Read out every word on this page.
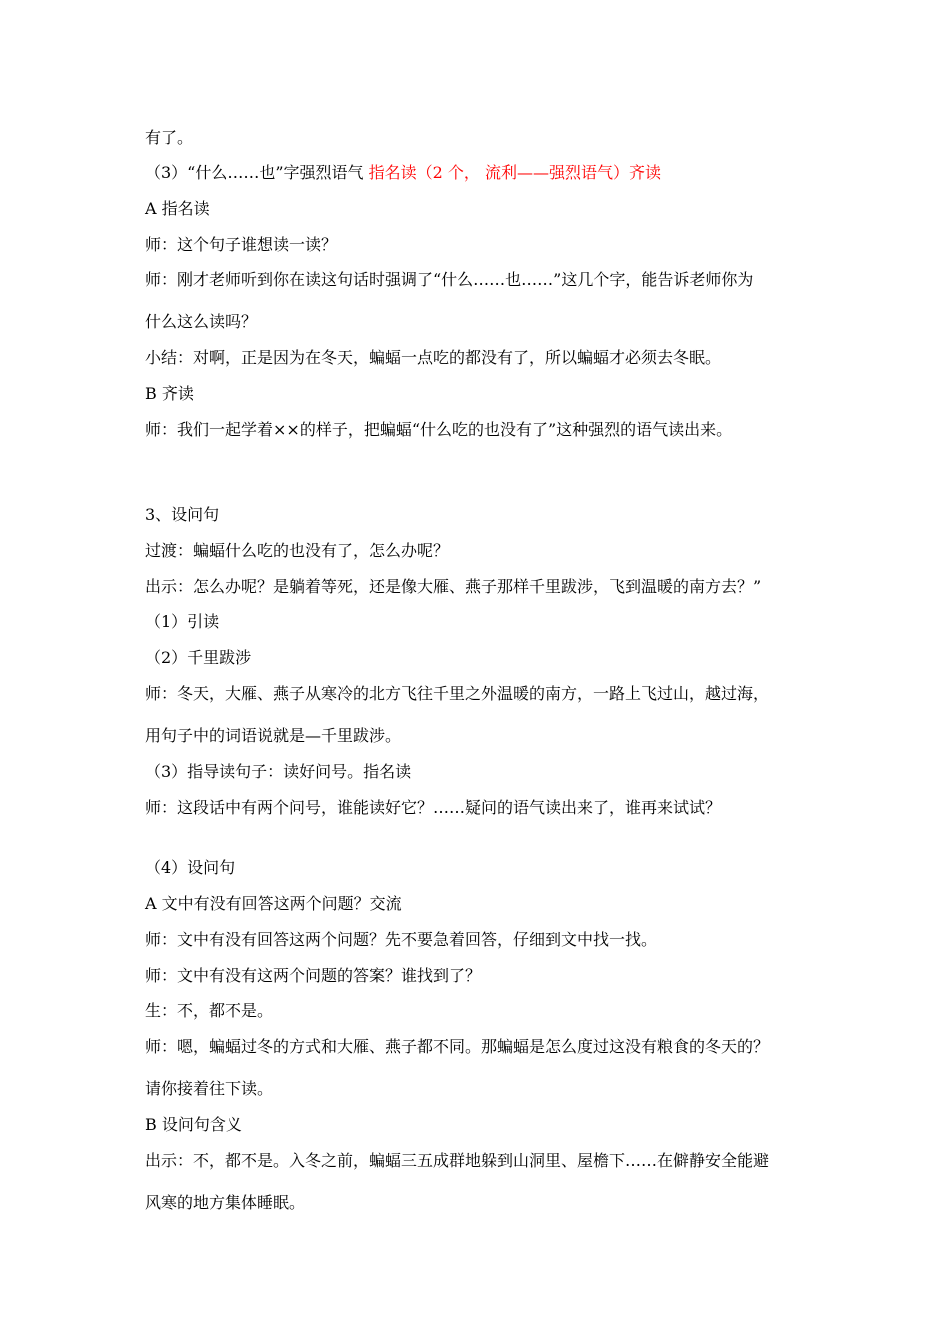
有了。

（3）“什么……也”字强烈语气 指名读（2 个， 流利——强烈语气）齐读

A 指名读

师：这个句子谁想读一读？

师：刚才老师听到你在读这句话时强调了“什么……也……”这几个字，能告诉老师你为

什么这么读吗？

小结：对啊，正是因为在冬天，蝙蝠一点吃的都没有了，所以蝙蝠才必须去冬眠。

B 齐读

师：我们一起学着××的样子，把蝙蝠“什么吃的也没有了”这种强烈的语气读出来。

3、设问句

过渡：蝙蝠什么吃的也没有了，怎么办呢？

出示：怎么办呢？是躺着等死，还是像大雁、燕子那样千里跋涉，飞到温暖的南方去？”

（1）引读

（2）千里跋涉

师：冬天，大雁、燕子从寒冷的北方飞往千里之外温暖的南方，一路上飞过山，越过海，

用句子中的词语说就是—千里跋涉。

（3）指导读句子：读好问号。指名读

师：这段话中有两个问号，谁能读好它？……疑问的语气读出来了，谁再来试试？

（4）设问句

A 文中有没有回答这两个问题？交流

师：文中有没有回答这两个问题？先不要急着回答，仔细到文中找一找。

师：文中有没有这两个问题的答案？谁找到了？

生：不，都不是。

师：嗯，蝙蝠过冬的方式和大雁、燕子都不同。那蝙蝠是怎么度过这没有粮食的冬天的？

请你接着往下读。

B 设问句含义

出示：不，都不是。入冬之前，蝙蝠三五成群地躲到山洞里、屋檐下……在僻静安全能避

风寒的地方集体睡眠。
